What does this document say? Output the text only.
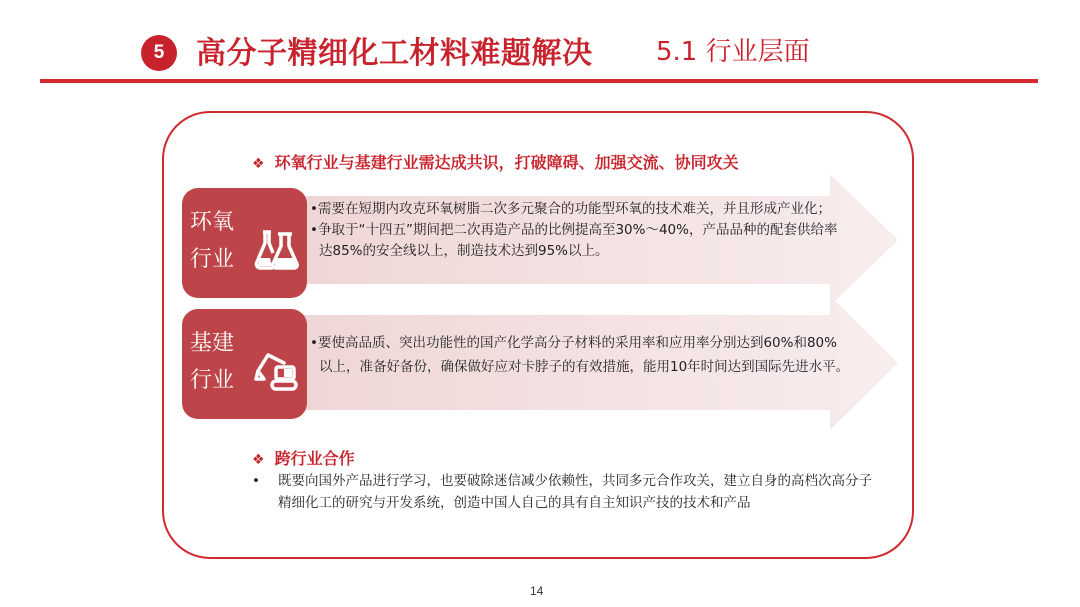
5	高分子精细化工材料难题解决 5.1 行业层面
❖ 环氧行业与基建行业需达成共识，打破障碍、加强交流、协同攻关
环氧
行业
•需要在短期内攻克环氧树脂二次多元聚合的功能型环氧的技术难关，并且形成产业化；
•争取于“十四五”期间把二次再造产品的比例提高至30%～40%，产品品种的配套供给率达85%的安全线以上，制造技术达到95%以上。
基建
行业
•要使高品质、突出功能性的国产化学高分子材料的采用率和应用率分别达到60%和80%以上，准备好备份，确保做好应对卡脖子的有效措施，能用10年时间达到国际先进水平。
❖ 跨行业合作
•	既要向国外产品进行学习，也要破除迷信减少依赖性，共同多元合作攻关，建立自身的高档次高分子精细化工的研究与开发系统，创造中国人自己的具有自主知识产技的技术和产品
14
